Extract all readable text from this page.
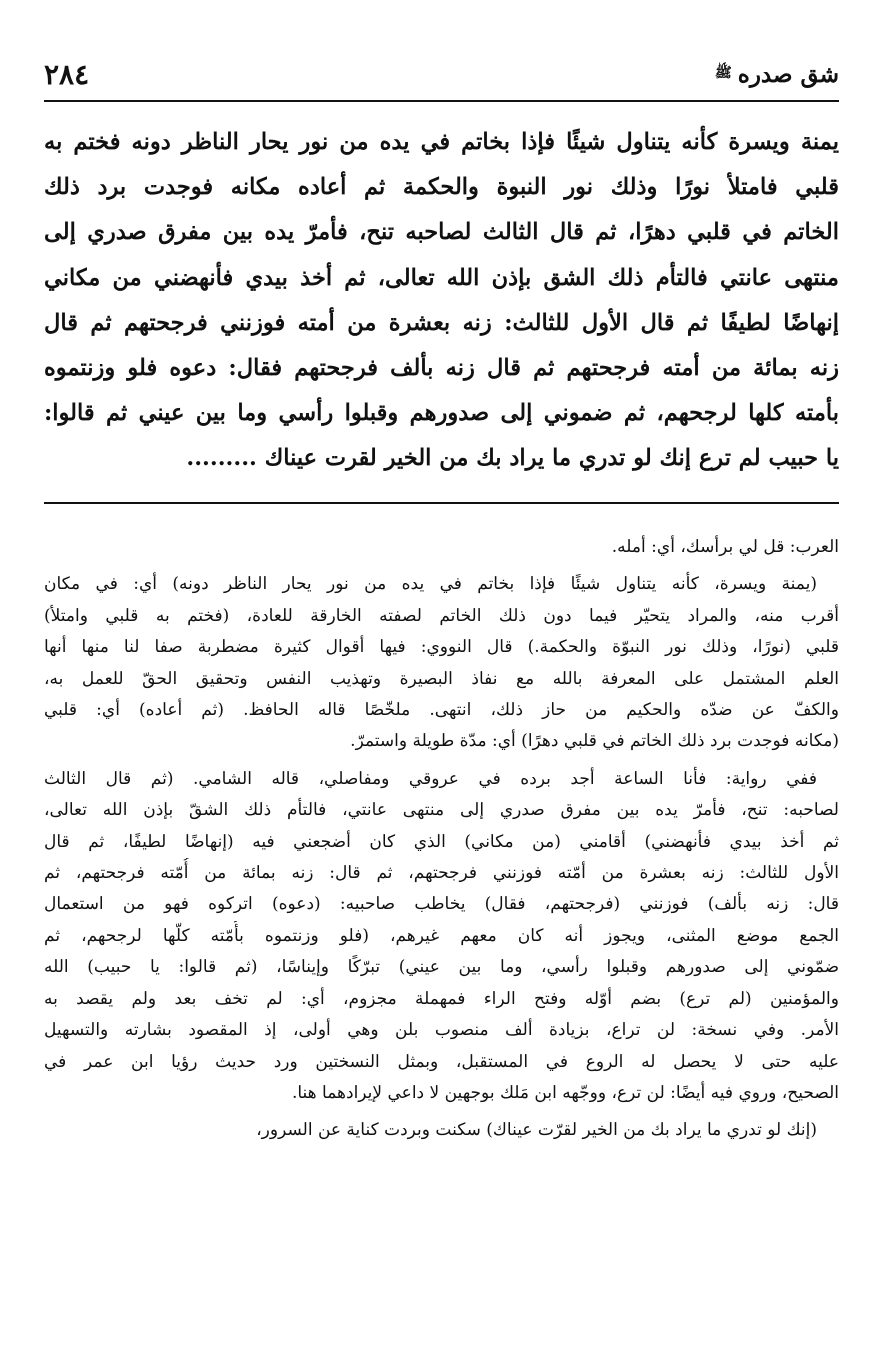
شق صدره
ﷺ
٢٨٤
يمنة ويسرة كأنه يتناول شيئًا فإذا بخاتم في يده من نور يحار الناظر دونه فختم به
قلبي فامتلأ نورًا وذلك نور النبوة والحكمة ثم أعاده مكانه فوجدت برد ذلك
الخاتم في قلبي دهرًا، ثم قال الثالث لصاحبه تنح، فأمرّ يده بين مفرق صدري إلى
منتهى عانتي فالتأم ذلك الشق بإذن الله تعالى، ثم أخذ بيدي فأنهضني من مكاني
إنهاضًا لطيفًا ثم قال الأول للثالث: زنه بعشرة من أمته فوزنني فرجحتهم ثم قال
زنه بمائة من أمته فرجحتهم ثم قال زنه بألف فرجحتهم فقال: دعوه فلو وزنتموه
بأمته كلها لرجحهم، ثم ضموني إلى صدورهم وقبلوا رأسي وما بين عيني ثم قالوا:
يا حبيب لم ترع إنك لو تدري ما يراد بك من الخير لقرت عيناك .........

العرب: قل لي برأسك، أي: أمله.

(يمنة ويسرة، كأنه يتناول شيئًا فإذا بخاتم في يده من نور يحار الناظر دونه) أي: في مكان
أقرب منه، والمراد يتحيّر فيما دون ذلك الخاتم لصفته الخارقة للعادة، (فختم به قلبي وامتلأ)
قلبي (نورًا، وذلك نور النبوّة والحكمة.) قال النووي: فيها أقوال كثيرة مضطربة صفا لنا منها أنها
العلم المشتمل على المعرفة بالله مع نفاذ البصيرة وتهذيب النفس وتحقيق الحقّ للعمل به،
والكفّ عن ضدّه والحكيم من حاز ذلك، انتهى. ملخّصًا قاله الحافظ. (ثم أعاده) أي: قلبي
(مكانه فوجدت برد ذلك الخاتم في قلبي دهرًا) أي: مدّة طويلة واستمرّ.

ففي رواية: فأنا الساعة أجد برده في عروقي ومفاصلي، قاله الشامي. (ثم قال الثالث
لصاحبه: تنح، فأمرّ يده بين مفرق صدري إلى منتهى عانتي، فالتأم ذلك الشقّ بإذن الله تعالى،
ثم أخذ بيدي فأنهضني) أقامني (من مكاني) الذي كان أضجعني فيه (إنهاضًا لطيفًا، ثم قال
الأول للثالث: زنه بعشرة من أمّته فوزنني فرجحتهم، ثم قال: زنه بمائة من أُمّته فرجحتهم، ثم
قال: زنه بألف) فوزنني (فرجحتهم، فقال) يخاطب صاحبيه: (دعوه) اتركوه فهو من استعمال
الجمع موضع المثنى، ويجوز أنه كان معهم غيرهم، (فلو وزنتموه بأُمّته كلّها لرجحهم، ثم
ضمّوني إلى صدورهم وقبلوا رأسي، وما بين عيني) تبرّكًا وإيناسًا، (ثم قالوا: يا حبيب) الله
والمؤمنين (لم ترع) بضم أوّله وفتح الراء فمهملة مجزوم، أي: لم تخف بعد ولم يقصد به
الأمر. وفي نسخة: لن تراع، بزيادة ألف منصوب بلن وهي أولى، إذ المقصود بشارته والتسهيل
عليه حتى لا يحصل له الروع في المستقبل، وبمثل النسختين ورد حديث رؤيا ابن عمر في
الصحيح، وروي فيه أيضًا: لن ترع، ووجّهه ابن مَلك بوجهين لا داعي لإيرادهما هنا.

(إنك لو تدري ما يراد بك من الخير لقرّت عيناك) سكنت وبردت كناية عن السرور،
